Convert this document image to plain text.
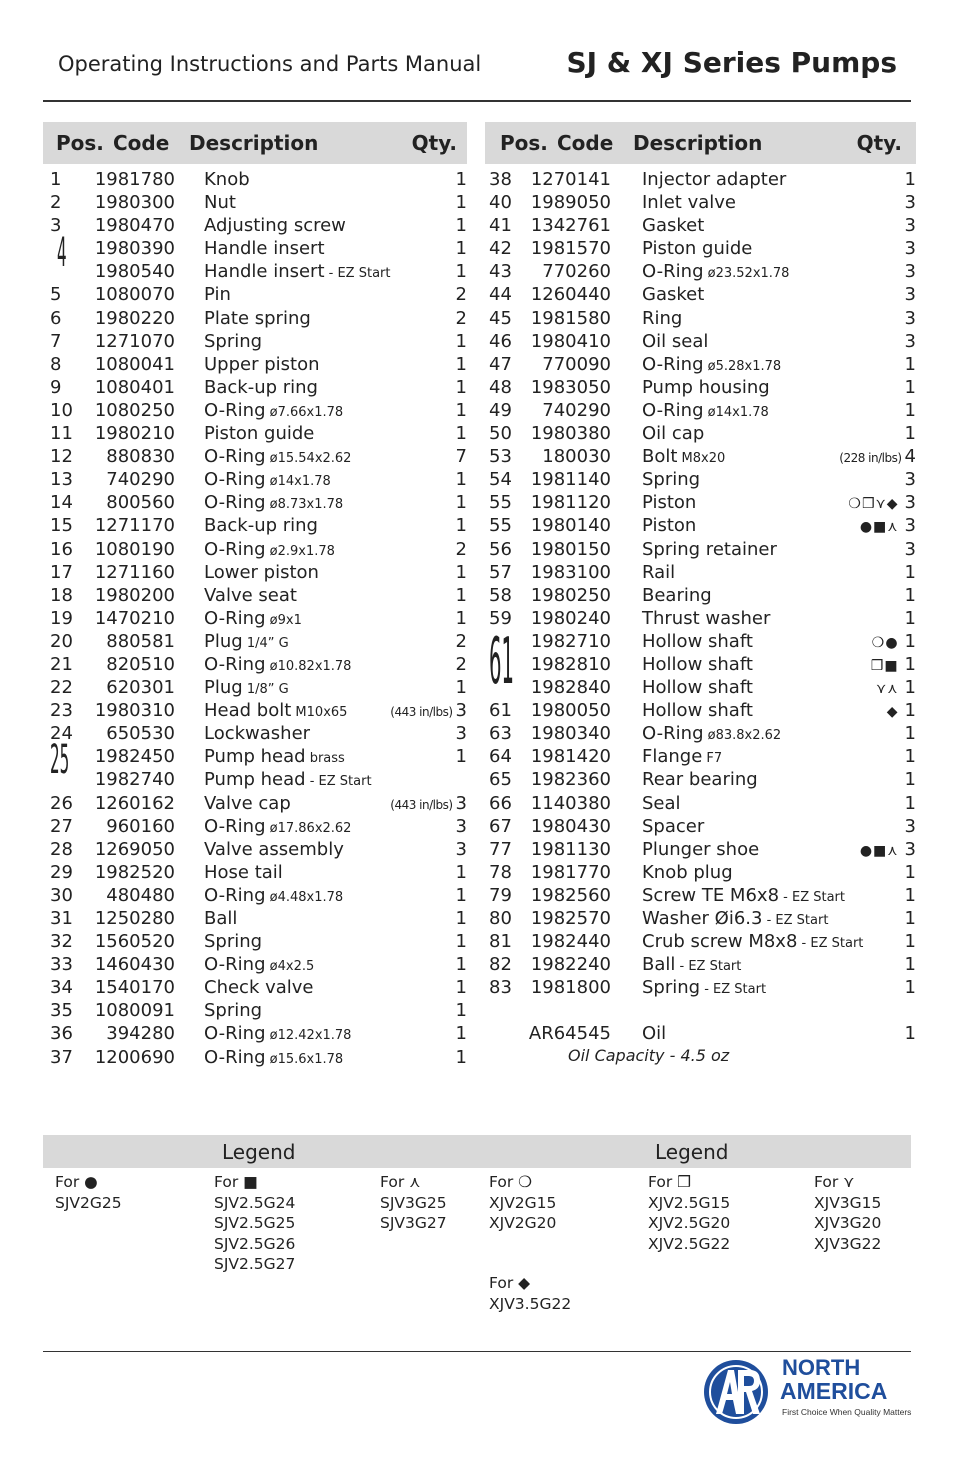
Operating Instructions and Parts Manual	SJ & XJ Series Pumps
Pos. Code Description	Qty.
1	1981780 Knob	1
2	1980300 Nut	1
3	1980470 Adjusting screw	1
1980390 Handle insert	1
1980540 Handle insert - EZ Start	1
5	1080070 Pin	2
6	1980220 Plate spring	2
7	1271070 Spring	1
8	1080041 Upper piston	1
9	1080401 Back-up ring	1
10	1080250 O-Ring ø7.66x1.78	1
11	1980210 Piston guide	1
12	880830 O-Ring ø15.54x2.62	7
13	740290 O-Ring ø14x1.78	1
14	800560 O-Ring ø8.73x1.78	1
15	1271170 Back-up ring	1
16	1080190 O-Ring ø2.9x1.78	2
17	1271160 Lower piston	1
18	1980200 Valve seat	1
19	1470210 O-Ring ø9x1	1
20	880581 Plug 1/4” G	2
21	820510 O-Ring ø10.82x1.78	2
22	620301 Plug 1/8” G	1
23	1980310 Head bolt M10x65	(443 in/lbs) 3
24	650530 Lockwasher	3
1982450 Pump head brass	1
1982740 Pump head - EZ Start
26	1260162 Valve cap	(443 in/lbs) 3
27	960160 O-Ring ø17.86x2.62	3
28	1269050 Valve assembly	3
29	1982520 Hose tail	1
30	480480 O-Ring ø4.48x1.78	1
31	1250280 Ball	1
32	1560520 Spring	1
33	1460430 O-Ring ø4x2.5	1
34	1540170 Check valve	1
35	1080091 Spring	1
36	394280 O-Ring ø12.42x1.78	1
37	1200690 O-Ring ø15.6x1.78	1
4
25
Pos. Code Description	Qty.
38	1270141 Injector adapter	1
40	1989050 Inlet valve	3
41	1342761 Gasket	3
42	1981570 Piston guide	3
43	770260 O-Ring ø23.52x1.78	3
44	1260440 Gasket	3
45	1981580 Ring	3
46	1980410 Oil seal	3
47	770090 O-Ring ø5.28x1.78	1
48	1983050 Pump housing	1
49	740290 O-Ring ø14x1.78	1
50	1980380 Oil cap	1
53	180030 Bolt M8x20	(228 in/lbs) 4
54	1981140 Spring	3
55	1981120 Piston	❍❒⋎◆ 3
55	1980140 Piston	●■⋏ 3
56	1980150 Spring retainer	3
57	1983100 Rail	1
58	1980250 Bearing	1
59	1980240 Thrust washer	1
1982710 Hollow shaft	❍● 1
1982810 Hollow shaft	❒■ 1
1982840 Hollow shaft	⋎⋏ 1
61	1980050 Hollow shaft	◆ 1
63	1980340 O-Ring ø83.8x2.62	1
64	1981420 Flange F7	1
65	1982360 Rear bearing	1
66	1140380 Seal	1
67	1980430 Spacer	3
77	1981130 Plunger shoe	●■⋏ 3
78	1981770 Knob plug	1
79	1982560 Screw TE M6x8 - EZ Start	1
80	1982570 Washer Øi6.3 - EZ Start	1
81	1982440 Crub screw M8x8 - EZ Start	1
82	1982240 Ball - EZ Start	1
83	1981800 Spring - EZ Start	1
AR64545 Oil	1
61
Oil Capacity - 4.5 oz
Legend	Legend
For ●
SJV2G25
For ■
SJV2.5G24
SJV2.5G25
SJV2.5G26
SJV2.5G27
For ⋏
SJV3G25
SJV3G27
For ❍
XJV2G15
XJV2G20
For ❒
XJV2.5G15
XJV2.5G20
XJV2.5G22
For ⋎
XJV3G15
XJV3G20
XJV3G22
For ◆
XJV3.5G22
NORTH
AMERICA
First Choice When Quality Matters
